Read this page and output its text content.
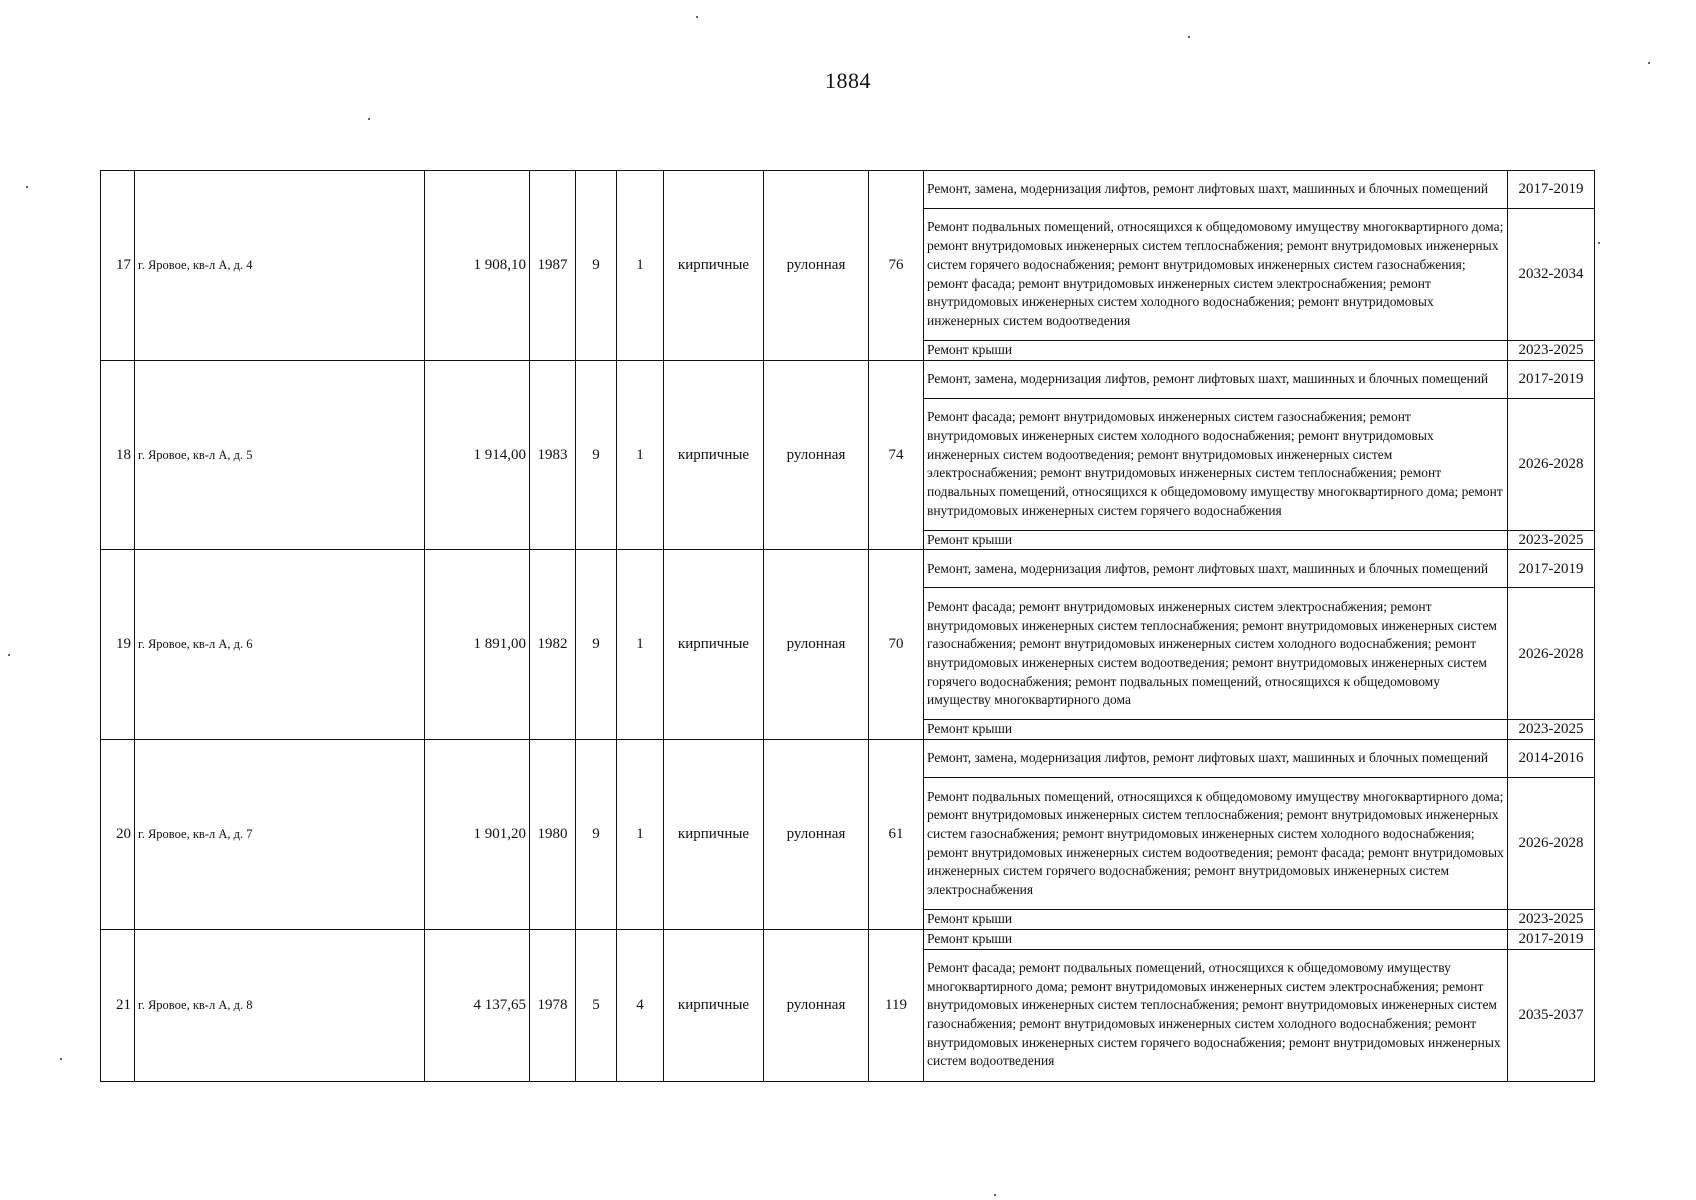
1884
17	г. Яровое, кв-л А, д. 4	1 908,10	1987	9	1	кирпичные	рулонная	76	Ремонт, замена, модернизация лифтов, ремонт лифтовых шахт, машинных и блочных помещений	2017-2019
									Ремонт подвальных помещений, относящихся к общедомовому имуществу многоквартирного дома; ремонт внутридомовых инженерных систем теплоснабжения; ремонт внутридомовых инженерных систем горячего водоснабжения; ремонт внутридомовых инженерных систем газоснабжения; ремонт фасада; ремонт внутридомовых инженерных систем электроснабжения; ремонт внутридомовых инженерных систем холодного водоснабжения; ремонт внутридомовых инженерных систем водоотведения	2032-2034
									Ремонт крыши	2023-2025
18	г. Яровое, кв-л А, д. 5	1 914,00	1983	9	1	кирпичные	рулонная	74	Ремонт, замена, модернизация лифтов, ремонт лифтовых шахт, машинных и блочных помещений	2017-2019
									Ремонт фасада; ремонт внутридомовых инженерных систем газоснабжения; ремонт внутридомовых инженерных систем холодного водоснабжения; ремонт внутридомовых инженерных систем водоотведения; ремонт внутридомовых инженерных систем электроснабжения; ремонт внутридомовых инженерных систем теплоснабжения; ремонт подвальных помещений, относящихся к общедомовому имуществу многоквартирного дома; ремонт внутридомовых инженерных систем горячего водоснабжения	2026-2028
									Ремонт крыши	2023-2025
19	г. Яровое, кв-л А, д. 6	1 891,00	1982	9	1	кирпичные	рулонная	70	Ремонт, замена, модернизация лифтов, ремонт лифтовых шахт, машинных и блочных помещений	2017-2019
									Ремонт фасада; ремонт внутридомовых инженерных систем электроснабжения; ремонт внутридомовых инженерных систем теплоснабжения; ремонт внутридомовых инженерных систем газоснабжения; ремонт внутридомовых инженерных систем холодного водоснабжения; ремонт внутридомовых инженерных систем водоотведения; ремонт внутридомовых инженерных систем горячего водоснабжения; ремонт подвальных помещений, относящихся к общедомовому имуществу многоквартирного дома	2026-2028
									Ремонт крыши	2023-2025
20	г. Яровое, кв-л А, д. 7	1 901,20	1980	9	1	кирпичные	рулонная	61	Ремонт, замена, модернизация лифтов, ремонт лифтовых шахт, машинных и блочных помещений	2014-2016
									Ремонт подвальных помещений, относящихся к общедомовому имуществу многоквартирного дома; ремонт внутридомовых инженерных систем теплоснабжения; ремонт внутридомовых инженерных систем газоснабжения; ремонт внутридомовых инженерных систем холодного водоснабжения; ремонт внутридомовых инженерных систем водоотведения; ремонт фасада; ремонт внутридомовых инженерных систем горячего водоснабжения; ремонт внутридомовых инженерных систем электроснабжения	2026-2028
									Ремонт крыши	2023-2025
21	г. Яровое, кв-л А, д. 8	4 137,65	1978	5	4	кирпичные	рулонная	119	Ремонт крыши	2017-2019
									Ремонт фасада; ремонт подвальных помещений, относящихся к общедомовому имуществу многоквартирного дома; ремонт внутридомовых инженерных систем электроснабжения; ремонт внутридомовых инженерных систем теплоснабжения; ремонт внутридомовых инженерных систем газоснабжения; ремонт внутридомовых инженерных систем холодного водоснабжения; ремонт внутридомовых инженерных систем горячего водоснабжения; ремонт внутридомовых инженерных систем водоотведения	2035-2037
